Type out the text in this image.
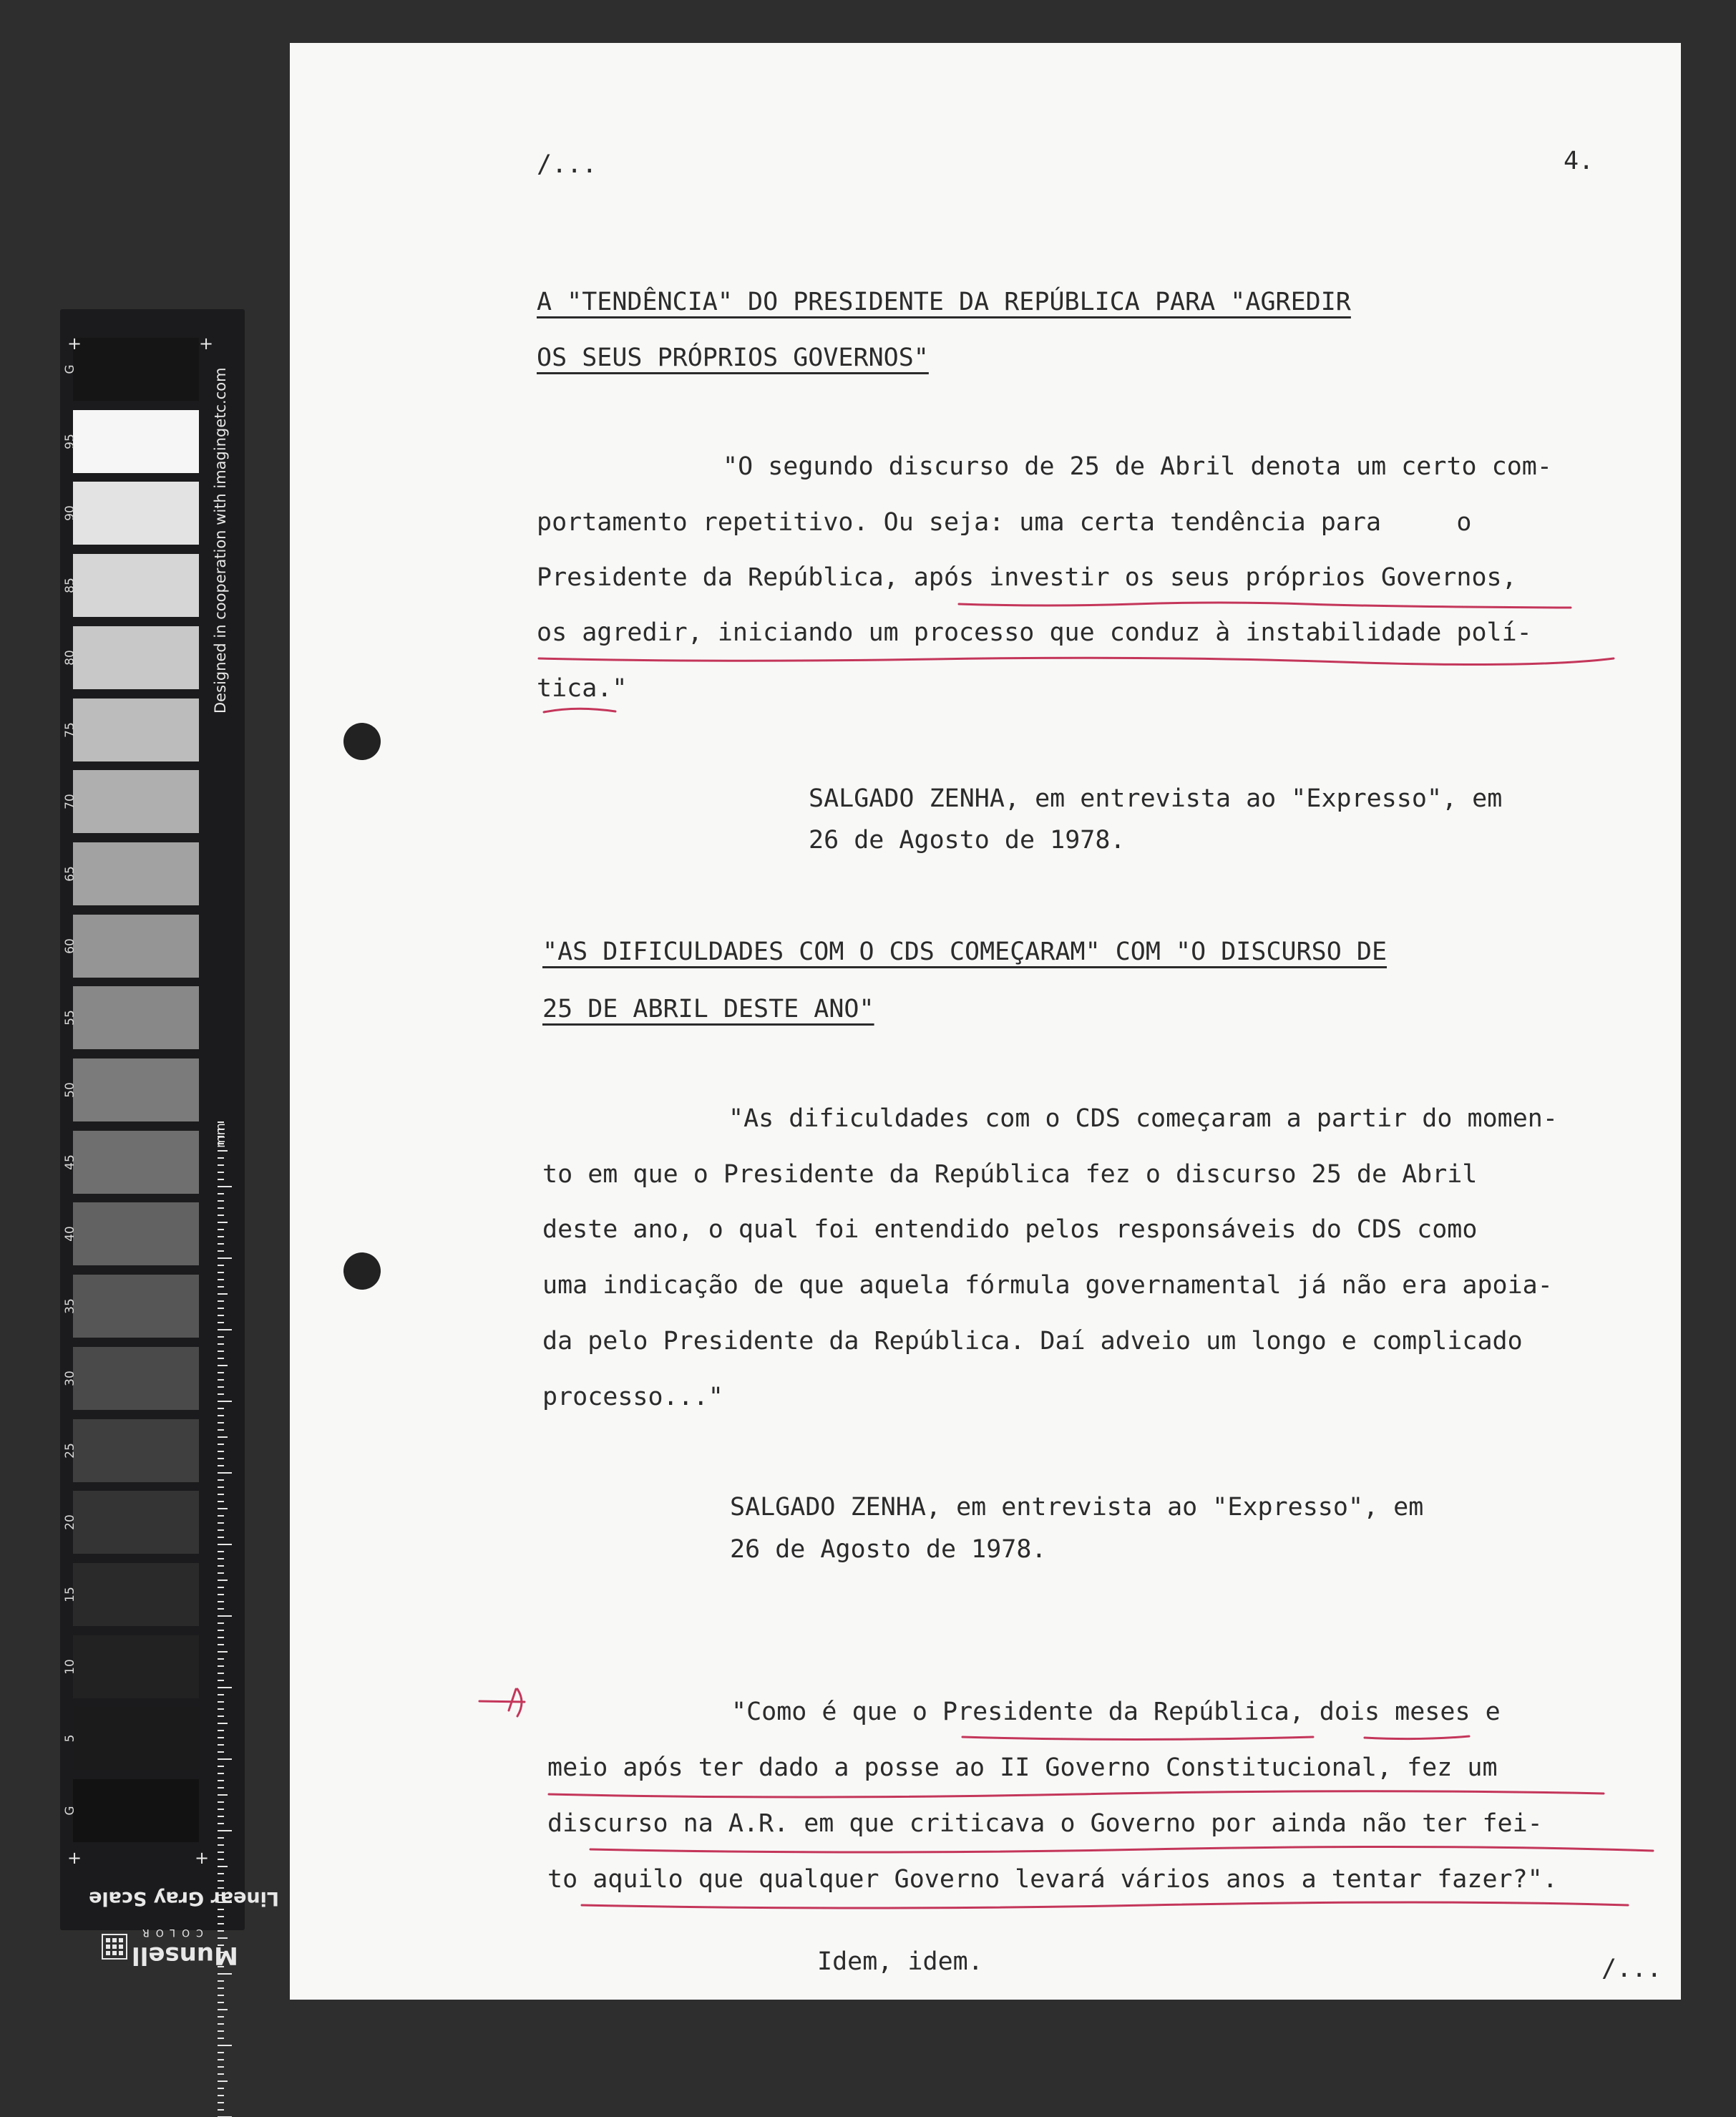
+	+
+	+
Designed in cooperation with imagingetc.com
mm
Linear Gray Scale
COLOR
Munsell
G
95
90
85
80
75
70
65
60
55
50
45
40
35
30
25
20
15
10
5
G
/...	4.
A "TENDÊNCIA" DO PRESIDENTE DA REPÚBLICA PARA "AGREDIR
OS SEUS PRÓPRIOS GOVERNOS"
"O segundo discurso de 25 de Abril denota um certo com-
portamento repetitivo. Ou seja: uma certa tendência para     o
Presidente da República, após investir os seus próprios Governos,
os agredir, iniciando um processo que conduz à instabilidade polí-
tica."
SALGADO ZENHA, em entrevista ao "Expresso", em
26 de Agosto de 1978.
"AS DIFICULDADES COM O CDS COMEÇARAM" COM "O DISCURSO DE
25 DE ABRIL DESTE ANO"
"As dificuldades com o CDS começaram a partir do momen-
to em que o Presidente da República fez o discurso 25 de Abril
deste ano, o qual foi entendido pelos responsáveis do CDS como
uma indicação de que aquela fórmula governamental já não era apoia-
da pelo Presidente da República. Daí adveio um longo e complicado
processo..."
SALGADO ZENHA, em entrevista ao "Expresso", em
26 de Agosto de 1978.
"Como é que o Presidente da República, dois meses e
meio após ter dado a posse ao II Governo Constitucional, fez um
discurso na A.R. em que criticava o Governo por ainda não ter fei-
to aquilo que qualquer Governo levará vários anos a tentar fazer?".
Idem, idem.	/...
